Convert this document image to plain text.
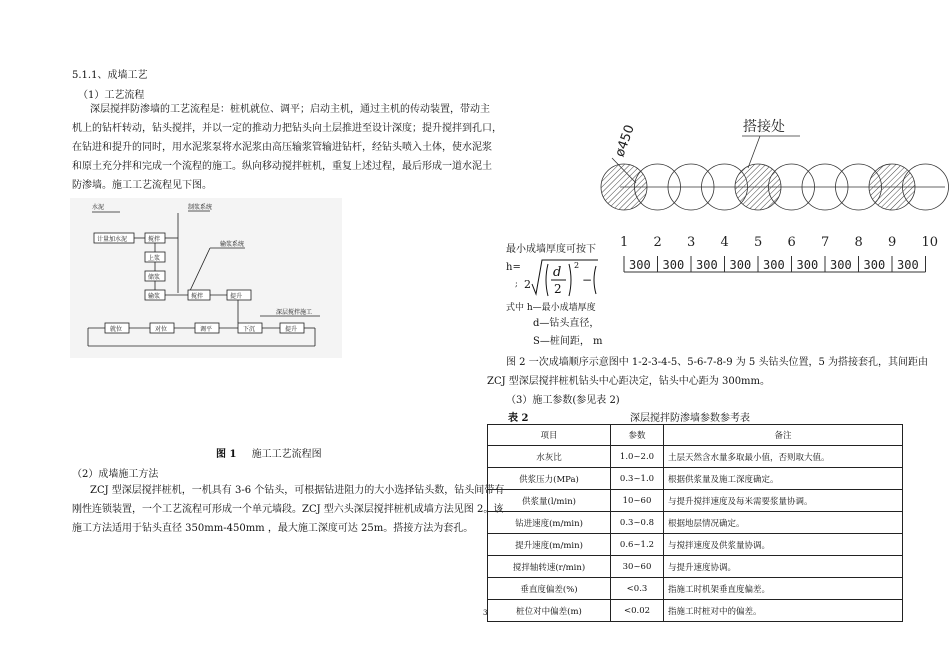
5.1.1、成墙工艺
（1）工艺流程
深层搅拌防渗墙的工艺流程是：桩机就位、调平；启动主机，通过主机的传动装置，带动主
机上的钻杆转动，钻头搅拌，并以一定的推动力把钻头向土层推进至设计深度；提升搅拌到孔口，
在钻进和提升的同时，用水泥浆泵将水泥浆由高压输浆管输进钻杆，经钻头喷入土体，使水泥浆
和原土充分拌和完成一个流程的施工。纵向移动搅拌桩机，重复上述过程，最后形成一道水泥土
防渗墙。施工工艺流程见下图。
水泥	制浆系统
计量加水泥	搅拌
上浆
储浆
输浆
输浆系统
搅拌	提升
深层搅拌施工
就位	对位	调平	下沉	提升
图 1 施工工艺流程图
（2）成墙施工方法
ZCJ 型深层搅拌桩机，一机具有 3-6 个钻头，可根据钻进阻力的大小选择钻头数，钻头间带有
刚性连锁装置，一个工艺流程可形成一个单元墙段。ZCJ 型六头深层搅拌桩机成墙方法见图 2。该
施工方法适用于钻头直径 350mm-450mm ，最大施工深度可达 25m。搭接方法为套孔。
ø450	搭接处
1 2 3 4 5 6 7 8 9 10
300 300 300 300 300 300 300 300 300
最小成墙厚度可按下
h=
; 2
d
2
2
−
式中 h—最小成墙厚度
d—钻头直径，
S—桩间距， m
图 2 一次成墙顺序示意图中 1-2-3-4-5、5-6-7-8-9 为 5 头钻头位置，5 为搭接套孔，其间距由
ZCJ 型深层搅拌桩机钻头中心距决定，钻头中心距为 300mm。
（3）施工参数(参见表 2)
表 2	深层搅拌防渗墙参数参考表
项目	参数	备注
水灰比	1.0~2.0	土层天然含水量多取最小值，否则取大值。
供浆压力(MPa)	0.3~1.0	根据供浆量及施工深度确定。
供浆量(l/min)	10~60	与提升搅拌速度及每米需要浆量协调。
钻进速度(m/min)	0.3~0.8	根据地层情况确定。
提升速度(m/min)	0.6~1.2	与搅拌速度及供浆量协调。
搅拌轴转速(r/min)	30~60	与提升速度协调。
垂直度偏差(%)	<0.3	指施工时机架垂直度偏差。
桩位对中偏差(m)	<0.02	指施工时桩对中的偏差。
3
